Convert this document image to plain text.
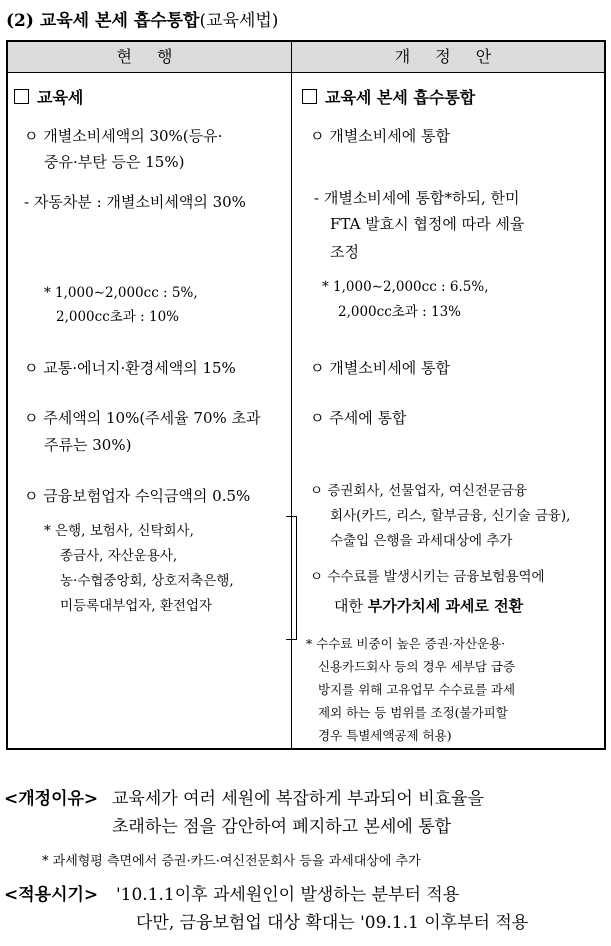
(2) 교육세 본세 흡수통합(교육세법)
현 행	개 정 안
교육세
ㅇ 개별소비세액의 30%(등유·
중유·부탄 등은 15%)
- 자동차분 : 개별소비세액의 30%
* 1,000∼2,000cc : 5%,
2,000cc초과 : 10%
ㅇ 교통·에너지·환경세액의 15%
ㅇ 주세액의 10%(주세율 70% 초과
주류는 30%)
ㅇ 금융보험업자 수익금액의 0.5%
* 은행, 보험사, 신탁회사,
종금사, 자산운용사,
농·수협중앙회, 상호저축은행,
미등록대부업자, 환전업자
교육세 본세 흡수통합
ㅇ 개별소비세에 통합
- 개별소비세에 통합*하되, 한미
FTA 발효시 협정에 따라 세율
조정
* 1,000∼2,000cc : 6.5%,
2,000cc초과 : 13%
ㅇ 개별소비세에 통합
ㅇ 주세에 통합
ㅇ 증권회사, 선물업자, 여신전문금융
회사(카드, 리스, 할부금융, 신기술 금융),
수출입 은행을 과세대상에 추가
ㅇ 수수료를 발생시키는 금융보험용역에
대한 부가가치세 과세로 전환
* 수수료 비중이 높은 증권·자산운용·
신용카드회사 등의 경우 세부담 급증
방지를 위해 고유업무 수수료를 과세
제외 하는 등 범위를 조정(불가피할
경우 특별세액공제 허용)
<개정이유> 교육세가 여러 세원에 복잡하게 부과되어 비효율을
초래하는 점을 감안하여 폐지하고 본세에 통합
* 과세형평 측면에서 증권·카드·여신전문회사 등을 과세대상에 추가
<적용시기> '10.1.1이후 과세원인이 발생하는 분부터 적용
다만, 금융보험업 대상 확대는 '09.1.1 이후부터 적용
